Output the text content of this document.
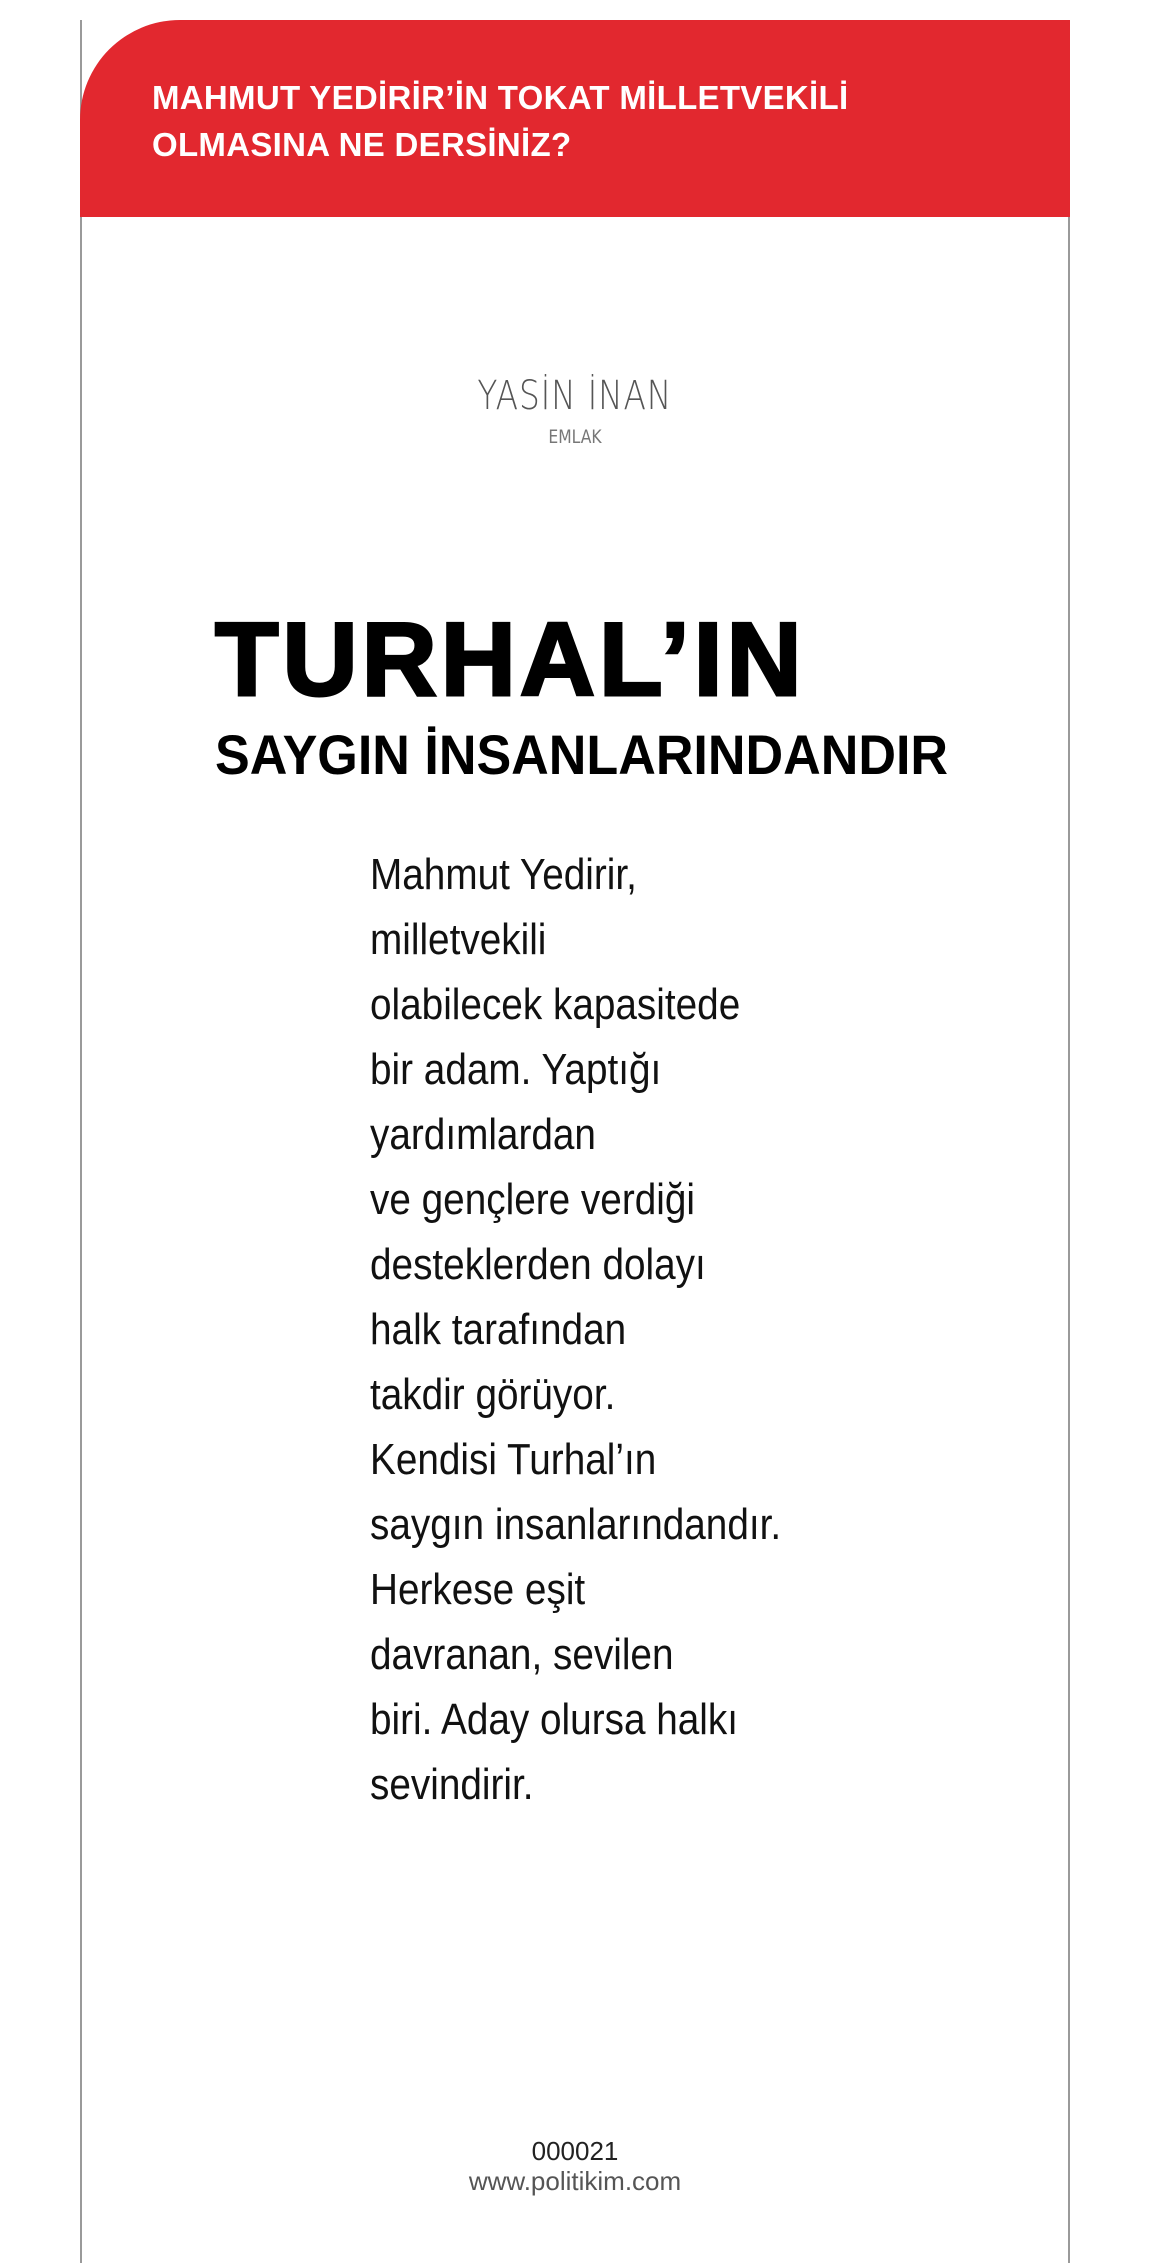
MAHMUT YEDİRİR’İN TOKAT MİLLETVEKİLİ OLMASINA NE DERSİNİZ?
YASİN İNAN
EMLAK
TURHAL’IN
SAYGIN İNSANLARINDANDIR

Mahmut Yedirir,
milletvekili
olabilecek kapasitede
bir adam. Yaptığı
yardımlardan
ve gençlere verdiği
desteklerden dolayı
halk tarafından
takdir görüyor.
Kendisi Turhal’ın
saygın insanlarındandır.
Herkese eşit
davranan, sevilen
biri. Aday olursa halkı
sevindirir.

000021
www.politikim.com
